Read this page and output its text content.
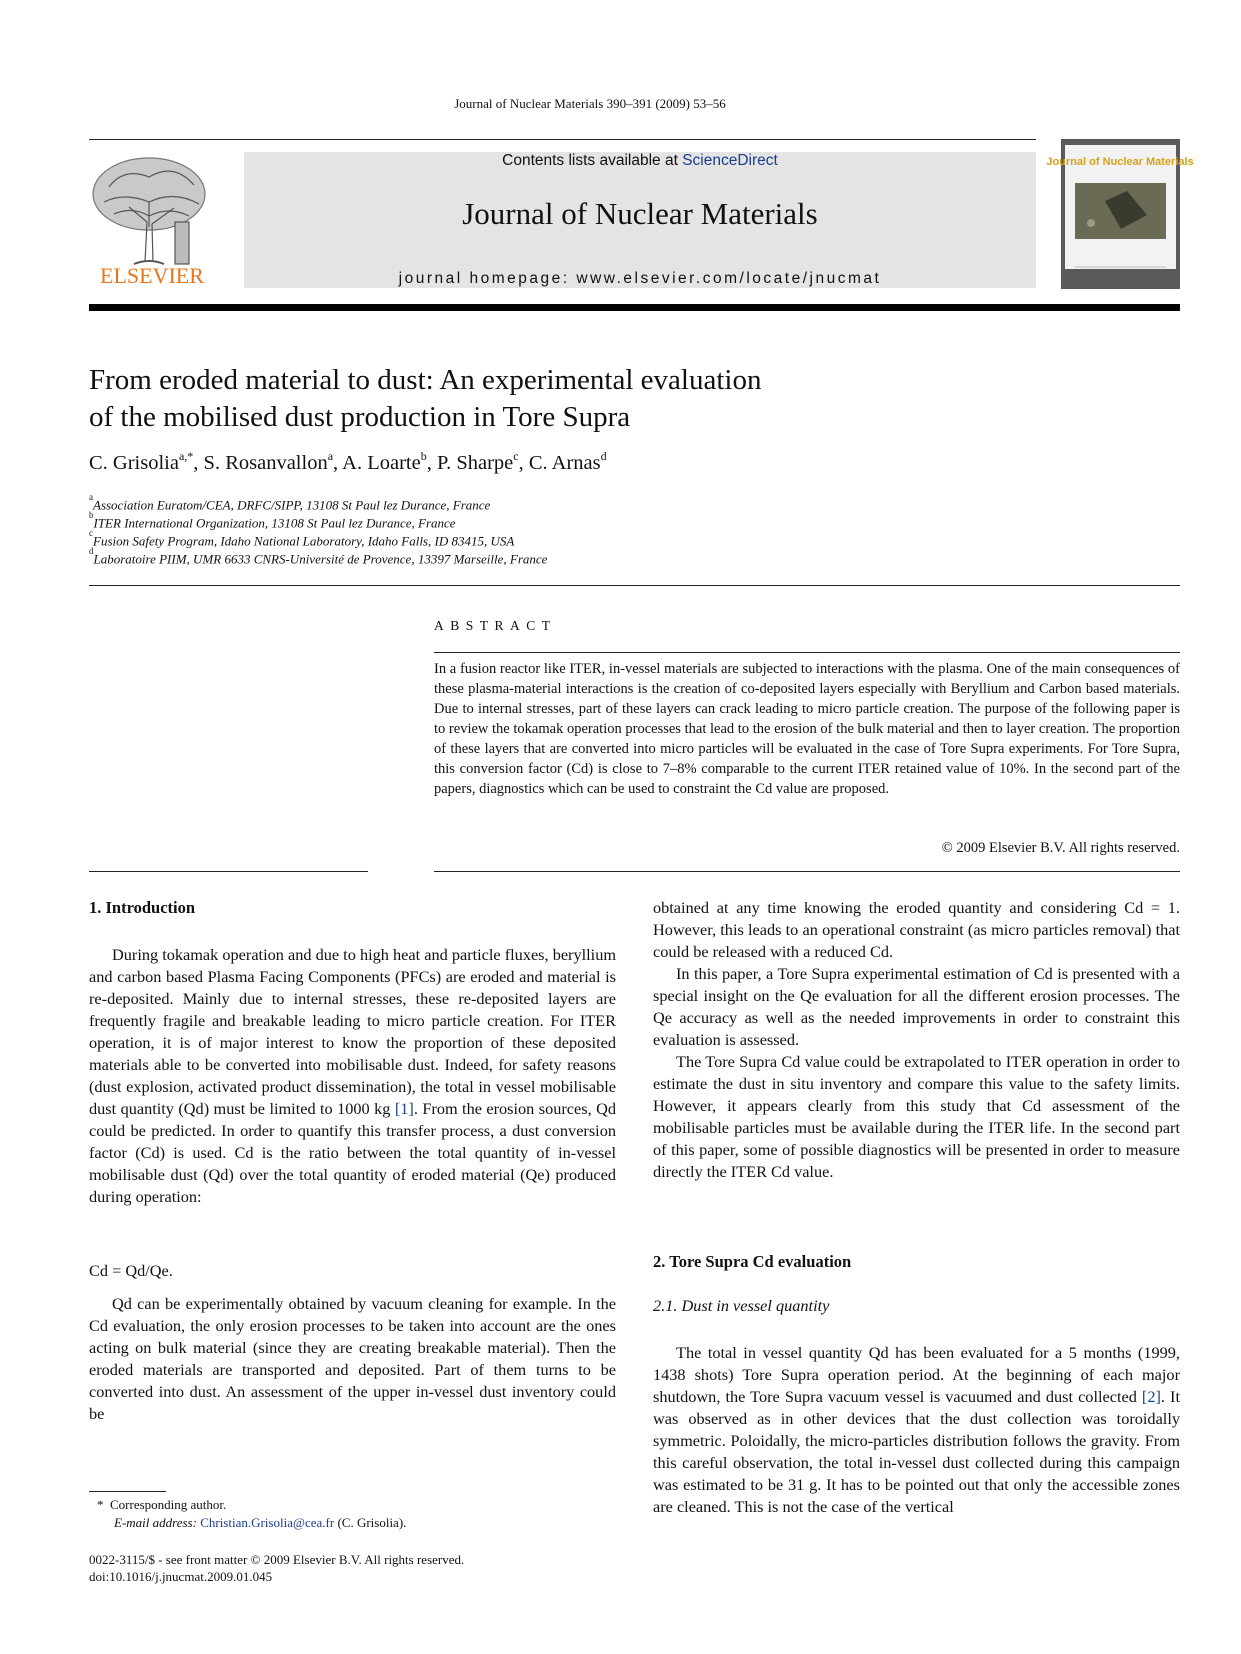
Journal of Nuclear Materials 390–391 (2009) 53–56
ELSEVIER
Contents lists available at ScienceDirect
Journal of Nuclear Materials
journal homepage: www.elsevier.com/locate/jnucmat
Journal of Nuclear Materials
From eroded material to dust: An experimental evaluation
of the mobilised dust production in Tore Supra
C. Grisolia$^{a,*}$, S. Rosanvallon$^a$, A. Loarte$^b$, P. Sharpe$^c$, C. Arnas$^d$
$^a$Association Euratom/CEA, DRFC/SIPP, 13108 St Paul lez Durance, France
$^b$ITER International Organization, 13108 St Paul lez Durance, France
$^c$Fusion Safety Program, Idaho National Laboratory, Idaho Falls, ID 83415, USA
$^d$Laboratoire PIIM, UMR 6633 CNRS-Université de Provence, 13397 Marseille, France
ABSTRACT
In a fusion reactor like ITER, in-vessel materials are subjected to interactions with the plasma. One of the main consequences of these plasma-material interactions is the creation of co-deposited layers especially with Beryllium and Carbon based materials. Due to internal stresses, part of these layers can crack leading to micro particle creation. The purpose of the following paper is to review the tokamak operation processes that lead to the erosion of the bulk material and then to layer creation. The proportion of these layers that are converted into micro particles will be evaluated in the case of Tore Supra experiments. For Tore Supra, this conversion factor (Cd) is close to 7–8% comparable to the current ITER retained value of 10%. In the second part of the papers, diagnostics which can be used to constraint the Cd value are proposed.
© 2009 Elsevier B.V. All rights reserved.
1. Introduction

During tokamak operation and due to high heat and particle fluxes, beryllium and carbon based Plasma Facing Components (PFCs) are eroded and material is re-deposited. Mainly due to internal stresses, these re-deposited layers are frequently fragile and breakable leading to micro particle creation. For ITER operation, it is of major interest to know the proportion of these deposited materials able to be converted into mobilisable dust. Indeed, for safety reasons (dust explosion, activated product dissemination), the total in vessel mobilisable dust quantity (Qd) must be limited to 1000 kg [1]. From the erosion sources, Qd could be predicted. In order to quantify this transfer process, a dust conversion factor (Cd) is used. Cd is the ratio between the total quantity of in-vessel mobilisable dust (Qd) over the total quantity of eroded material (Qe) produced during operation:

Cd = Qd/Qe.

Qd can be experimentally obtained by vacuum cleaning for example. In the Cd evaluation, the only erosion processes to be taken into account are the ones acting on bulk material (since they are creating breakable material). Then the eroded materials are transported and deposited. Part of them turns to be converted into dust. An assessment of the upper in-vessel dust inventory could be

* Corresponding author.
E-mail address: Christian.Grisolia@cea.fr (C. Grisolia).
0022-3115/$ - see front matter © 2009 Elsevier B.V. All rights reserved.
doi:10.1016/j.jnucmat.2009.01.045

obtained at any time knowing the eroded quantity and considering Cd = 1. However, this leads to an operational constraint (as micro particles removal) that could be released with a reduced Cd.

In this paper, a Tore Supra experimental estimation of Cd is presented with a special insight on the Qe evaluation for all the different erosion processes. The Qe accuracy as well as the needed improvements in order to constraint this evaluation is assessed.

The Tore Supra Cd value could be extrapolated to ITER operation in order to estimate the dust in situ inventory and compare this value to the safety limits. However, it appears clearly from this study that Cd assessment of the mobilisable particles must be available during the ITER life. In the second part of this paper, some of possible diagnostics will be presented in order to measure directly the ITER Cd value.

2. Tore Supra Cd evaluation
2.1. Dust in vessel quantity

The total in vessel quantity Qd has been evaluated for a 5 months (1999, 1438 shots) Tore Supra operation period. At the beginning of each major shutdown, the Tore Supra vacuum vessel is vacuumed and dust collected [2]. It was observed as in other devices that the dust collection was toroidally symmetric. Poloidally, the micro-particles distribution follows the gravity. From this careful observation, the total in-vessel dust collected during this campaign was estimated to be 31 g. It has to be pointed out that only the accessible zones are cleaned. This is not the case of the vertical
